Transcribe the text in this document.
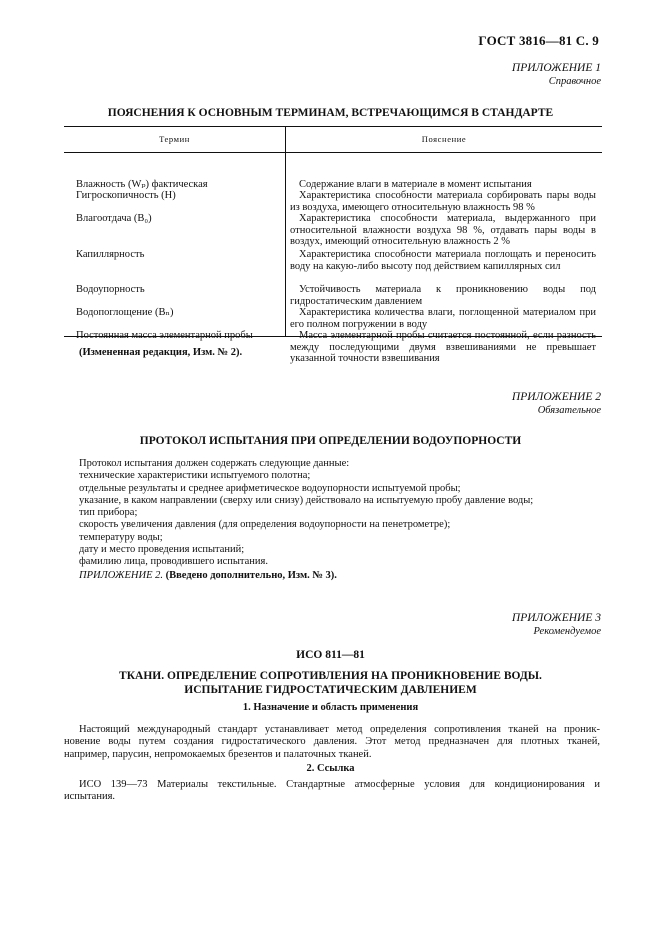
ГОСТ 3816—81 С. 9
ПРИЛОЖЕНИЕ 1
Справочное
ПОЯСНЕНИЯ К ОСНОВНЫМ ТЕРМИНАМ, ВСТРЕЧАЮЩИМСЯ В СТАНДАРТЕ
Термин	Пояснение
Влажность (Wₚ) фактическая	Содержание влаги в материале в момент испытания
Гигроскопичность (H)	Характеристика способности материала сорбировать пары воды из воздуха, имеющего относительную влажность 98 %
Влагоотдача (B₀)	Характеристика способности материала, выдержанного при относительной влажности воздуха 98 %, отдавать пары воды в воздух, имеющий относительную влажность 2 %
Капиллярность	Характеристика способности материала поглощать и переносить воду на какую-либо высоту под действием капиллярных сил
Водоупорность	Устойчивость материала к проникновению воды под гидростатическим давлением
Водопоглощение (Bₙ)	Характеристика количества влаги, поглощенной материалом при его полном погружении в воду
Постоянная масса элементарной пробы	Масса элементарной пробы считается постоянной, если разность между последующими двумя взвешиваниями не превышает указанной точности взвешивания
(Измененная редакция, Изм. № 2).
ПРИЛОЖЕНИЕ 2
Обязательное
ПРОТОКОЛ ИСПЫТАНИЯ ПРИ ОПРЕДЕЛЕНИИ ВОДОУПОРНОСТИ
Протокол испытания должен содержать следующие данные:
технические характеристики испытуемого полотна;
отдельные результаты и среднее арифметическое водоупорности испытуемой пробы;
указание, в каком направлении (сверху или снизу) действовало на испытуемую пробу давление воды;
тип прибора;
скорость увеличения давления (для определения водоупорности на пенетрометре);
температуру воды;
дату и место проведения испытаний;
фамилию лица, проводившего испытания.
ПРИЛОЖЕНИЕ 2. (Введено дополнительно, Изм. № 3).
ПРИЛОЖЕНИЕ 3
Рекомендуемое
ИСО 811—81
ТКАНИ. ОПРЕДЕЛЕНИЕ СОПРОТИВЛЕНИЯ НА ПРОНИКНОВЕНИЕ ВОДЫ.
ИСПЫТАНИЕ ГИДРОСТАТИЧЕСКИМ ДАВЛЕНИЕМ
1. Назначение и область применения
Настоящий международный стандарт устанавливает метод определения сопротивления тканей на проник-
новение воды путем создания гидростатического давления. Этот метод предназначен для плотных тканей,
например, парусин, непромокаемых брезентов и палаточных тканей.
2. Ссылка
ИСО 139—73 Материалы текстильные. Стандартные атмосферные условия для кондиционирования и
испытания.
